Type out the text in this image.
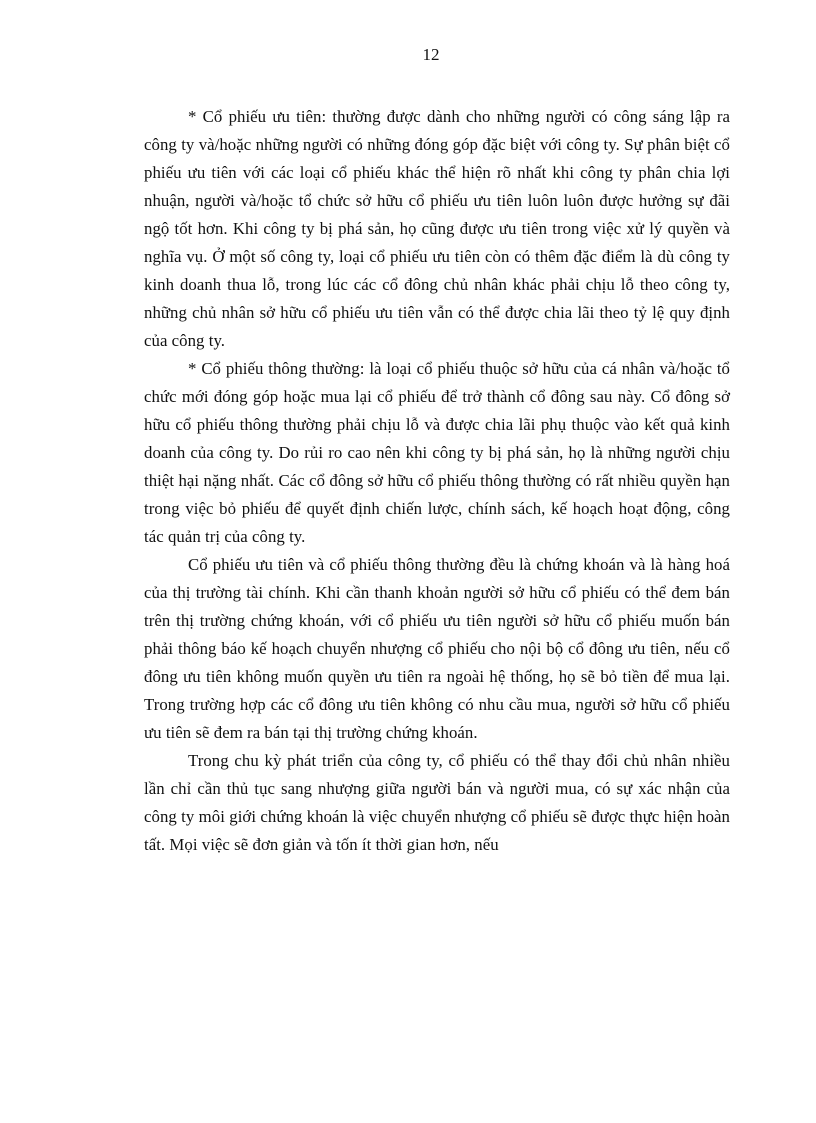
12

* Cổ phiếu ưu tiên: thường được dành cho những người có công sáng lập ra công ty và/hoặc những người có những đóng góp đặc biệt với công ty. Sự phân biệt cổ phiếu ưu tiên với các loại cổ phiếu khác thể hiện rõ nhất khi công ty phân chia lợi nhuận, người và/hoặc tổ chức sở hữu cổ phiếu ưu tiên luôn luôn được hưởng sự đãi ngộ tốt hơn. Khi công ty bị phá sản, họ cũng được ưu tiên trong việc xử lý quyền và nghĩa vụ. Ở một số công ty, loại cổ phiếu ưu tiên còn có thêm đặc điểm là dù công ty kinh doanh thua lỗ, trong lúc các cổ đông chủ nhân khác phải chịu lỗ theo công ty, những chủ nhân sở hữu cổ phiếu ưu tiên vẫn có thể được chia lãi theo tỷ lệ quy định của công ty.

* Cổ phiếu thông thường: là loại cổ phiếu thuộc sở hữu của cá nhân và/hoặc tổ chức mới đóng góp hoặc mua lại cổ phiếu để trở thành cổ đông sau này. Cổ đông sở hữu cổ phiếu thông thường phải chịu lỗ và được chia lãi phụ thuộc vào kết quả kinh doanh của công ty. Do rủi ro cao nên khi công ty bị phá sản, họ là những người chịu thiệt hại nặng nhất. Các cổ đông sở hữu cổ phiếu thông thường có rất nhiều quyền hạn trong việc bỏ phiếu để quyết định chiến lược, chính sách, kế hoạch hoạt động, công tác quản trị của công ty.

Cổ phiếu ưu tiên và cổ phiếu thông thường đều là chứng khoán và là hàng hoá của thị trường tài chính. Khi cần thanh khoản người sở hữu cổ phiếu có thể đem bán trên thị trường chứng khoán, với cổ phiếu ưu tiên người sở hữu cổ phiếu muốn bán phải thông báo kế hoạch chuyển nhượng cổ phiếu cho nội bộ cổ đông ưu tiên, nếu cổ đông ưu tiên không muốn quyền ưu tiên ra ngoài hệ thống, họ sẽ bỏ tiền để mua lại. Trong trường hợp các cổ đông ưu tiên không có nhu cầu mua, người sở hữu cổ phiếu ưu tiên sẽ đem ra bán tại thị trường chứng khoán.

Trong chu kỳ phát triển của công ty, cổ phiếu có thể thay đổi chủ nhân nhiều lần chỉ cần thủ tục sang nhượng giữa người bán và người mua, có sự xác nhận của công ty môi giới chứng khoán là việc chuyển nhượng cổ phiếu sẽ được thực hiện hoàn tất. Mọi việc sẽ đơn giản và tốn ít thời gian hơn, nếu
